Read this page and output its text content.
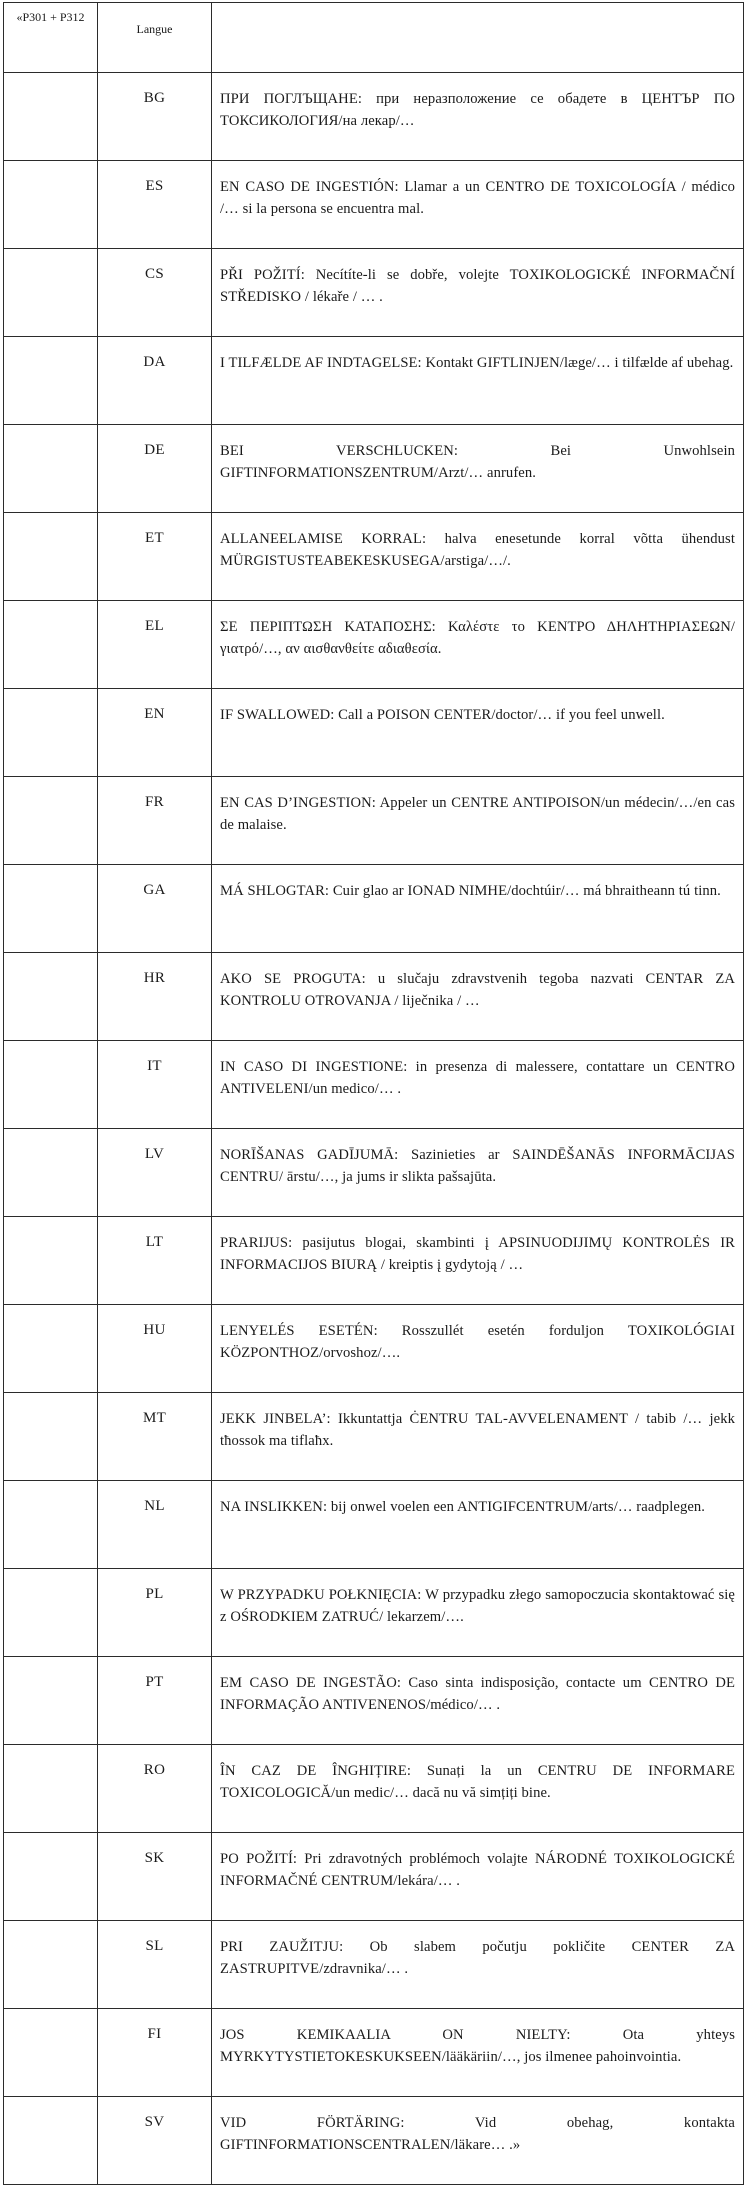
«P301 + P312	Langue	
	BG	ПРИ ПОГЛЪЩАНЕ: при неразположение се обадете в ЦЕНТЪР ПО ТОКСИКОЛОГИЯ/на лекар/…
	ES	EN CASO DE INGESTIÓN: Llamar a un CENTRO DE TOXICOLOGÍA / médico /… si la persona se encuentra mal.
	CS	PŘI POŽITÍ: Necítíte-li se dobře, volejte TOXIKOLOGICKÉ INFORMAČNÍ STŘEDISKO / lékaře / … .
	DA	I TILFÆLDE AF INDTAGELSE: Kontakt GIFTLINJEN/læge/… i tilfælde af ubehag.
	DE	BEI VERSCHLUCKEN: Bei Unwohlsein GIFTINFORMATIONSZENTRUM/Arzt/… anrufen.
	ET	ALLANEELAMISE KORRAL: halva enesetunde korral võtta ühendust MÜRGISTUSTEABEKESKUSEGA/arstiga/…/.
	EL	ΣΕ ΠΕΡΙΠΤΩΣΗ ΚΑΤΑΠΟΣΗΣ: Καλέστε το ΚΕΝΤΡΟ ΔΗΛΗΤΗΡΙΑΣΕΩΝ/γιατρό/…, αν αισθανθείτε αδιαθεσία.
	EN	IF SWALLOWED: Call a POISON CENTER/doctor/… if you feel unwell.
	FR	EN CAS D’INGESTION: Appeler un CENTRE ANTIPOISON/un médecin/…/en cas de malaise.
	GA	MÁ SHLOGTAR: Cuir glao ar IONAD NIMHE/dochtúir/… má bhraitheann tú tinn.
	HR	AKO SE PROGUTA: u slučaju zdravstvenih tegoba nazvati CENTAR ZA KONTROLU OTROVANJA / liječnika / …
	IT	IN CASO DI INGESTIONE: in presenza di malessere, contattare un CENTRO ANTIVELENI/un medico/… .
	LV	NORĪŠANAS GADĪJUMĀ: Sazinieties ar SAINDĒŠANĀS INFORMĀCIJAS CENTRU/ ārstu/…, ja jums ir slikta pašsajūta.
	LT	PRARIJUS: pasijutus blogai, skambinti į APSINUODIJIMŲ KONTROLĖS IR INFORMACIJOS BIURĄ / kreiptis į gydytoją / …
	HU	LENYELÉS ESETÉN: Rosszullét esetén forduljon TOXIKOLÓGIAI KÖZPONTHOZ/orvoshoz/….
	MT	JEKK JINBELA’: Ikkuntattja ĊENTRU TAL-AVVELENAMENT / tabib /… jekk tħossok ma tiflaħx.
	NL	NA INSLIKKEN: bij onwel voelen een ANTIGIFCENTRUM/arts/… raadplegen.
	PL	W PRZYPADKU POŁKNIĘCIA: W przypadku złego samopoczucia skontaktować się z OŚRODKIEM ZATRUĆ/ lekarzem/….
	PT	EM CASO DE INGESTÃO: Caso sinta indisposição, contacte um CENTRO DE INFORMAÇÃO ANTIVENENOS/médico/… .
	RO	ÎN CAZ DE ÎNGHIȚIRE: Sunați la un CENTRU DE INFORMARE TOXICOLOGICĂ/un medic/… dacă nu vă simțiți bine.
	SK	PO POŽITÍ: Pri zdravotných problémoch volajte NÁRODNÉ TOXIKOLOGICKÉ INFORMAČNÉ CENTRUM/lekára/… .
	SL	PRI ZAUŽITJU: Ob slabem počutju pokličite CENTER ZA ZASTRUPITVE/zdravnika/… .
	FI	JOS KEMIKAALIA ON NIELTY: Ota yhteys MYRKYTYSTIETOKESKUKSEEN/lääkäriin/…, jos ilmenee pahoinvointia.
	SV	VID FÖRTÄRING: Vid obehag, kontakta GIFTINFORMATIONSCENTRALEN/läkare… .»
